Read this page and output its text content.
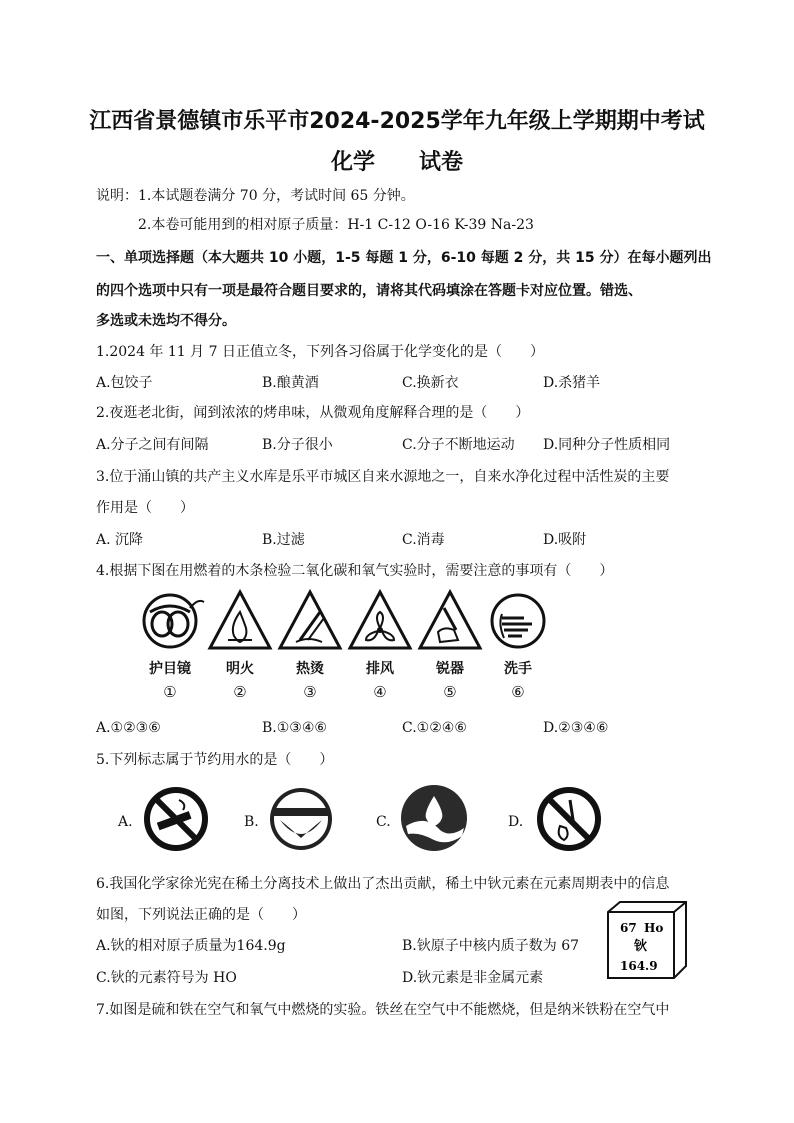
江西省景德镇市乐平市2024-2025学年九年级上学期期中考试
化学 试卷
说明：1.本试题卷满分 70 分，考试时间 65 分钟。
2.本卷可能用到的相对原子质量：H-1 C-12 O-16 K-39 Na-23
一、单项选择题（本大题共 10 小题，1-5 每题 1 分，6-10 每题 2 分，共 15 分）在每小题列出
的四个选项中只有一项是最符合题目要求的，请将其代码填涂在答题卡对应位置。错选、
多选或未选均不得分。
1.2024 年 11 月 7 日正值立冬，下列各习俗属于化学变化的是（　　）
A.包饺子	B.酿黄酒	C.换新衣	D.杀猪羊
2.夜逛老北街，闻到浓浓的烤串味，从微观角度解释合理的是（　　）
A.分子之间有间隔	B.分子很小	C.分子不断地运动 D.同种分子性质相同
3.位于涌山镇的共产主义水库是乐平市城区自来水源地之一，自来水净化过程中活性炭的主要
作用是（　　）
A. 沉降	B.过滤	C.消毒	D.吸附
4.根据下图在用燃着的木条检验二氧化碳和氧气实验时，需要注意的事项有（　　）
护目镜	明火	热烫	排风	锐器	洗手
①	②	③	④	⑤	⑥
A.①②③⑥	B.①③④⑥	C.①②④⑥	D.②③④⑥
5.下列标志属于节约用水的是（　　）
A.	B.	C.	D.
6.我国化学家徐光宪在稀土分离技术上做出了杰出贡献，稀土中钬元素在元素周期表中的信息
如图，下列说法正确的是（　　）
A.钬的相对原子质量为164.9g	B.钬原子中核内质子数为 67
C.钬的元素符号为 HO	D.钬元素是非金属元素
67 Ho
钬
164.9
7.如图是硫和铁在空气和氧气中燃烧的实验。铁丝在空气中不能燃烧，但是纳米铁粉在空气中
